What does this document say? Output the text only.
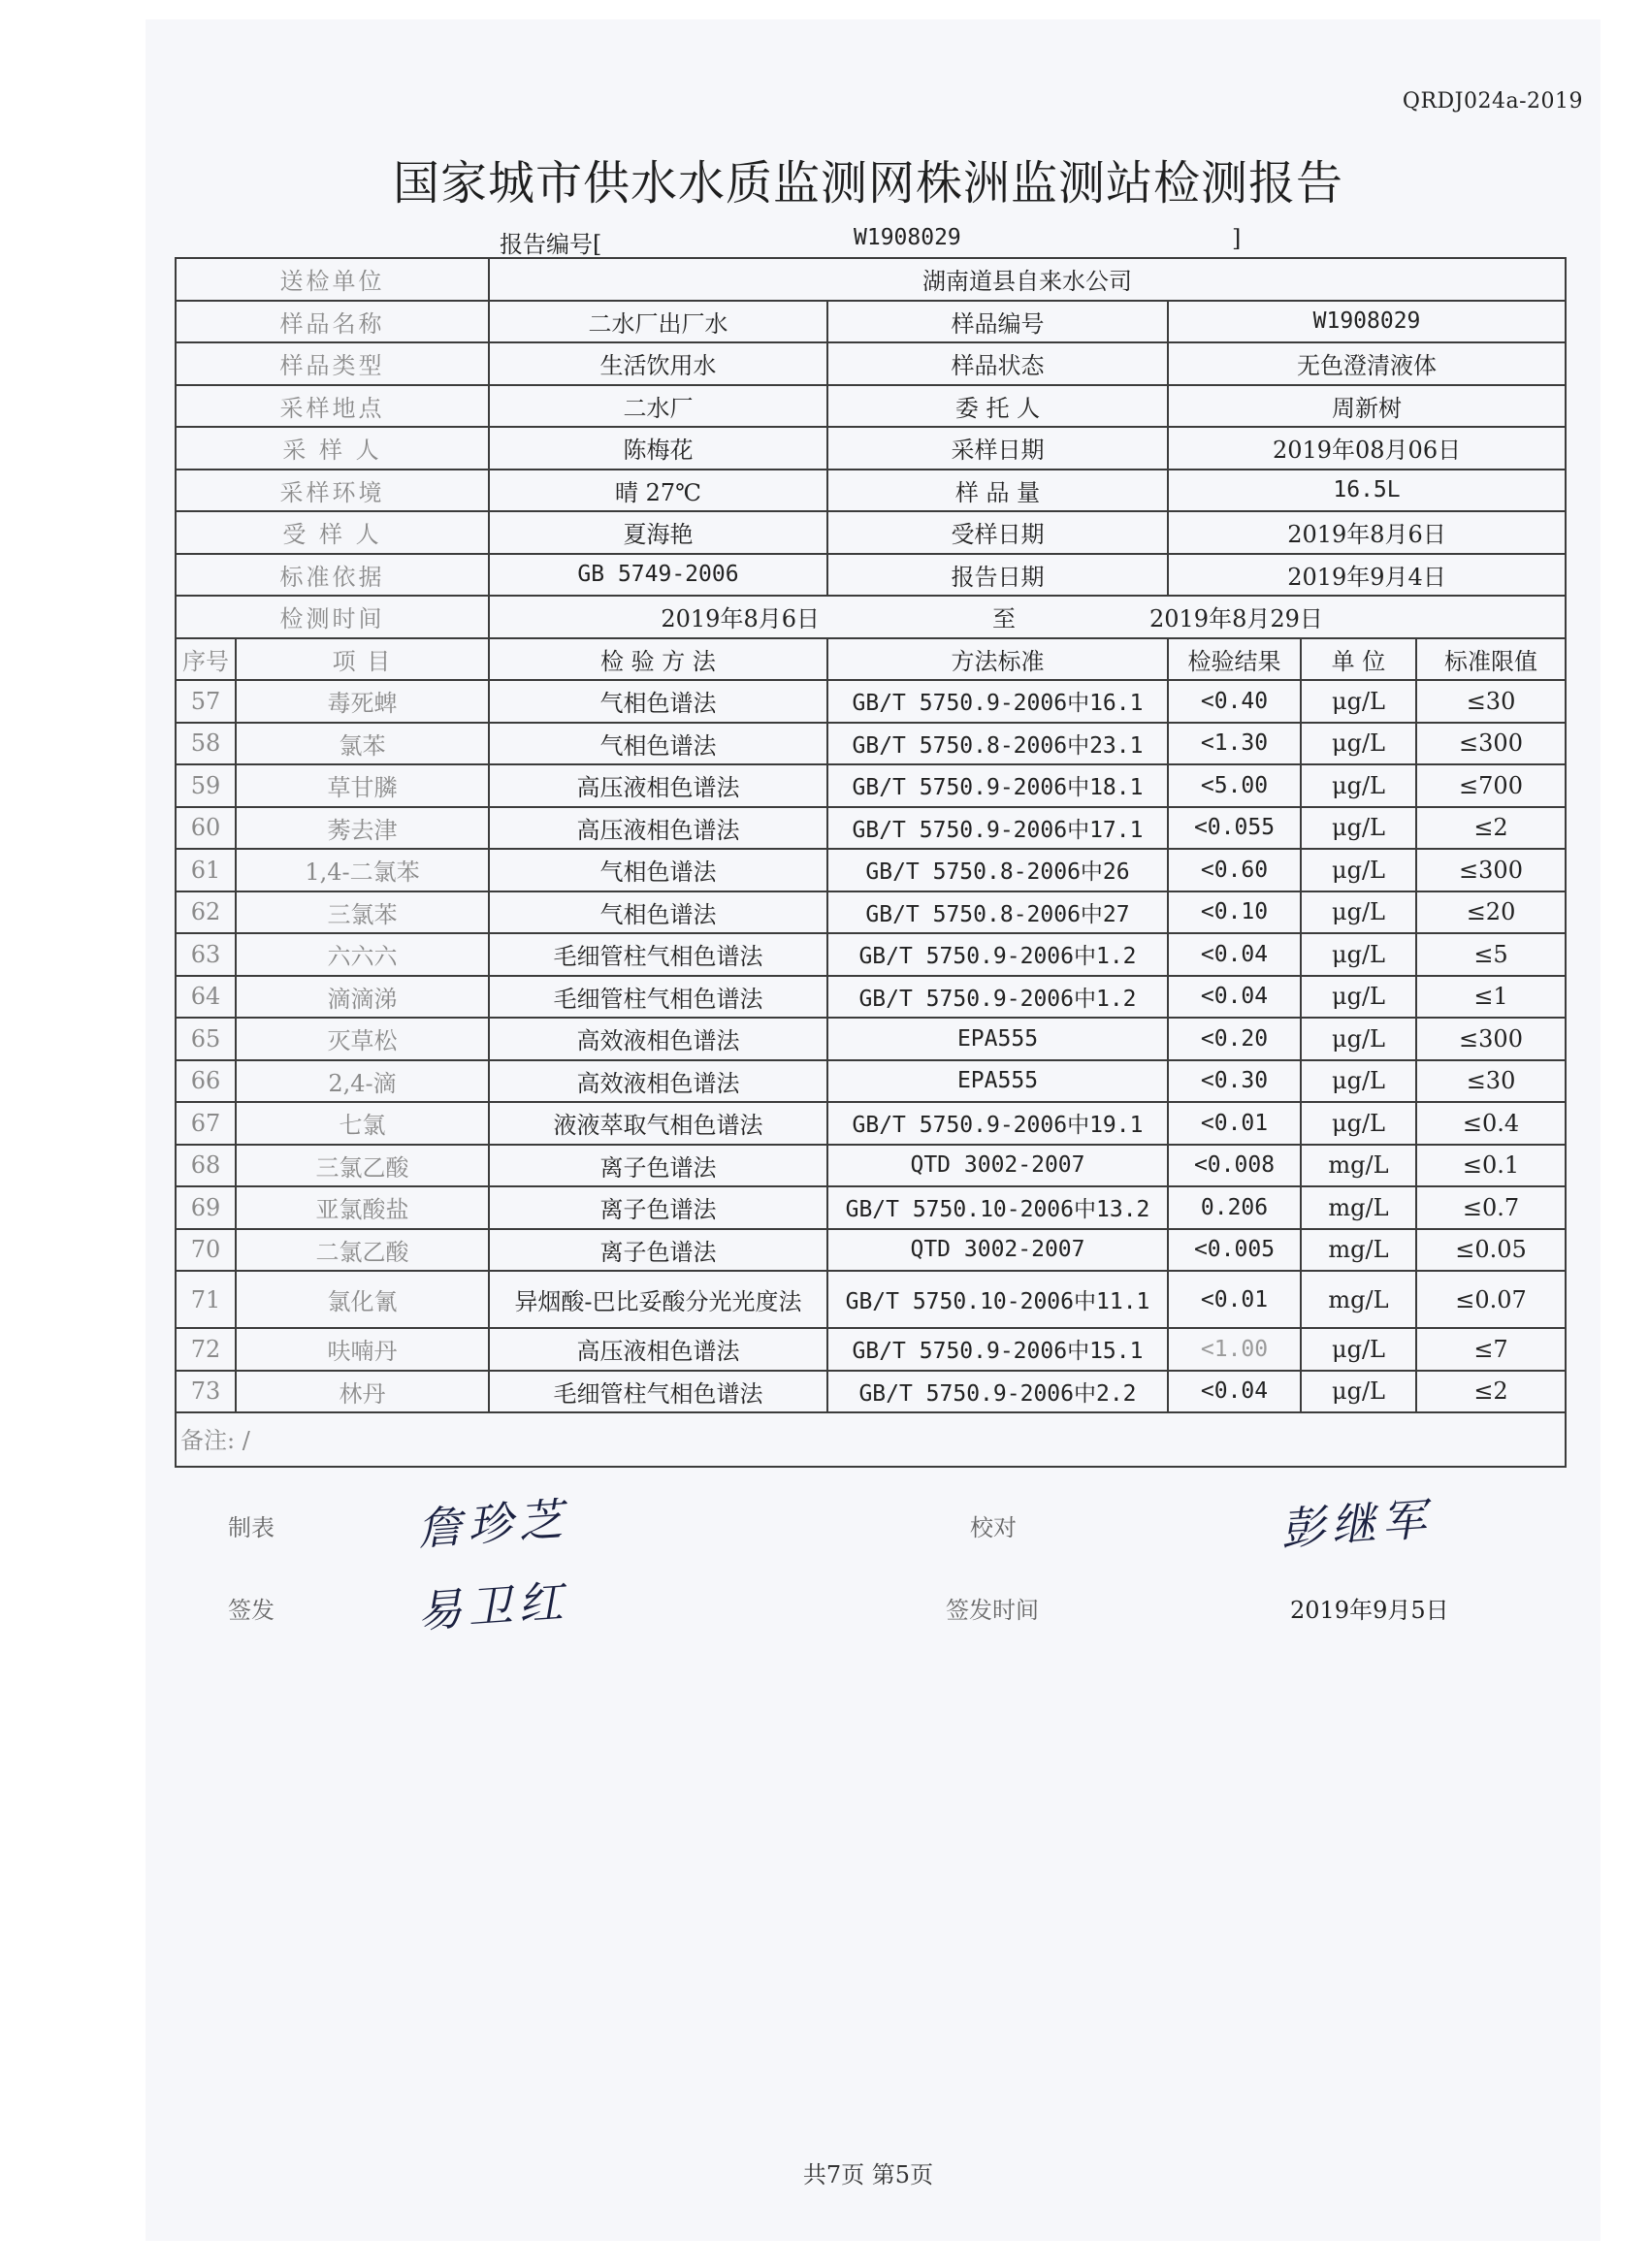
QRDJ024a-2019
国家城市供水水质监测网株洲监测站检测报告
报告编号[	W1908029	]
送检单位		湖南道县自来水公司				
样品名称		二水厂出厂水	样品编号	W1908029		
样品类型		生活饮用水	样品状态	无色澄清液体		
采样地点		二水厂	委 托 人	周新树		
采 样 人		陈梅花	采样日期	2019年08月06日		
采样环境		晴 27℃	样 品 量	16.5L		
受 样 人		夏海艳	受样日期	2019年8月6日		
标准依据		GB 5749-2006	报告日期	2019年9月4日		
检测时间		2019年8月6日 至 2019年8月29日				

序号	项 目	检 验 方 法	方法标准	检验结果	单 位	标准限值
57	毒死蜱	气相色谱法	GB/T 5750.9-2006中16.1	<0.40	μg/L	≤30
58	氯苯	气相色谱法	GB/T 5750.8-2006中23.1	<1.30	μg/L	≤300
59	草甘膦	高压液相色谱法	GB/T 5750.9-2006中18.1	<5.00	μg/L	≤700
60	莠去津	高压液相色谱法	GB/T 5750.9-2006中17.1	<0.055	μg/L	≤2
61	1,4-二氯苯	气相色谱法	GB/T 5750.8-2006中26	<0.60	μg/L	≤300
62	三氯苯	气相色谱法	GB/T 5750.8-2006中27	<0.10	μg/L	≤20
63	六六六	毛细管柱气相色谱法	GB/T 5750.9-2006中1.2	<0.04	μg/L	≤5
64	滴滴涕	毛细管柱气相色谱法	GB/T 5750.9-2006中1.2	<0.04	μg/L	≤1
65	灭草松	高效液相色谱法	EPA555	<0.20	μg/L	≤300
66	2,4-滴	高效液相色谱法	EPA555	<0.30	μg/L	≤30
67	七氯	液液萃取气相色谱法	GB/T 5750.9-2006中19.1	<0.01	μg/L	≤0.4
68	三氯乙酸	离子色谱法	QTD 3002-2007	<0.008	mg/L	≤0.1
69	亚氯酸盐	离子色谱法	GB/T 5750.10-2006中13.2	0.206	mg/L	≤0.7
70	二氯乙酸	离子色谱法	QTD 3002-2007	<0.005	mg/L	≤0.05
71	氯化氰	异烟酸-巴比妥酸分光光度法	GB/T 5750.10-2006中11.1	<0.01	mg/L	≤0.07
72	呋喃丹	高压液相色谱法	GB/T 5750.9-2006中15.1	<1.00	μg/L	≤7
73	林丹	毛细管柱气相色谱法	GB/T 5750.9-2006中2.2	<0.04	μg/L	≤2
备注: /						
制表	詹珍芝	校对	彭继军
签发	易卫红	签发时间	2019年9月5日
共7页 第5页
